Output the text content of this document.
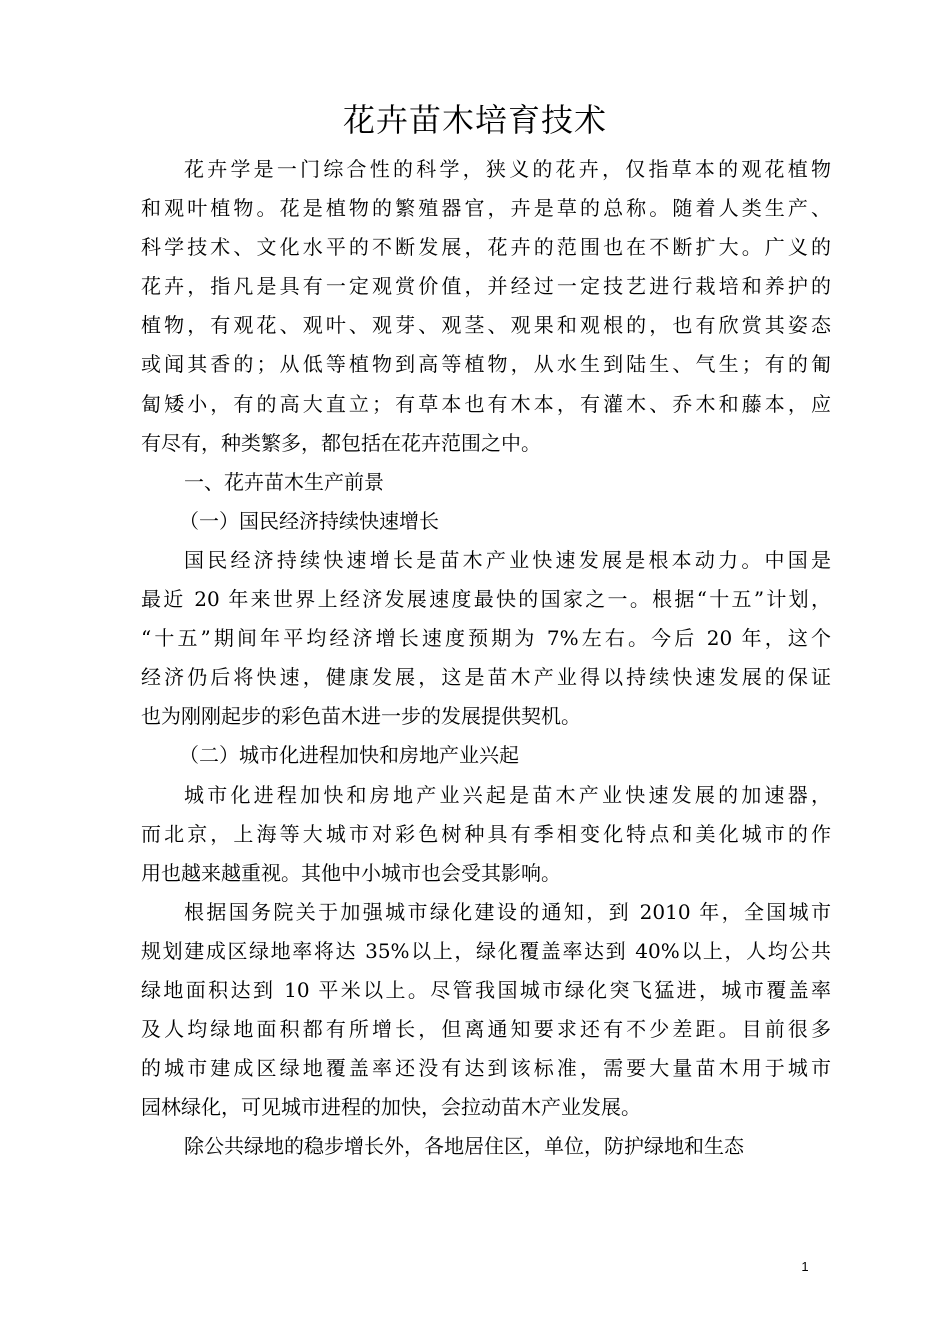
花卉苗木培育技术
花卉学是一门综合性的科学，狭义的花卉，仅指草本的观花植物
和观叶植物。花是植物的繁殖器官，卉是草的总称。随着人类生产、
科学技术、文化水平的不断发展，花卉的范围也在不断扩大。广义的
花卉，指凡是具有一定观赏价值，并经过一定技艺进行栽培和养护的
植物，有观花、观叶、观芽、观茎、观果和观根的，也有欣赏其姿态
或闻其香的；从低等植物到高等植物，从水生到陆生、气生；有的匍
匐矮小，有的高大直立；有草本也有木本，有灌木、乔木和藤本，应
有尽有，种类繁多，都包括在花卉范围之中。
一、花卉苗木生产前景
（一）国民经济持续快速增长
国民经济持续快速增长是苗木产业快速发展是根本动力。中国是
最近 20 年来世界上经济发展速度最快的国家之一。根据“十五”计划，
“十五”期间年平均经济增长速度预期为 7%左右。今后 20 年，这个
经济仍后将快速，健康发展，这是苗木产业得以持续快速发展的保证
也为刚刚起步的彩色苗木进一步的发展提供契机。
（二）城市化进程加快和房地产业兴起
城市化进程加快和房地产业兴起是苗木产业快速发展的加速器，
而北京，上海等大城市对彩色树种具有季相变化特点和美化城市的作
用也越来越重视。其他中小城市也会受其影响。
根据国务院关于加强城市绿化建设的通知，到 2010 年，全国城市
规划建成区绿地率将达 35%以上，绿化覆盖率达到 40%以上，人均公共
绿地面积达到 10 平米以上。尽管我国城市绿化突飞猛进，城市覆盖率
及人均绿地面积都有所增长，但离通知要求还有不少差距。目前很多
的城市建成区绿地覆盖率还没有达到该标准，需要大量苗木用于城市
园林绿化，可见城市进程的加快，会拉动苗木产业发展。
除公共绿地的稳步增长外，各地居住区，单位，防护绿地和生态
1
